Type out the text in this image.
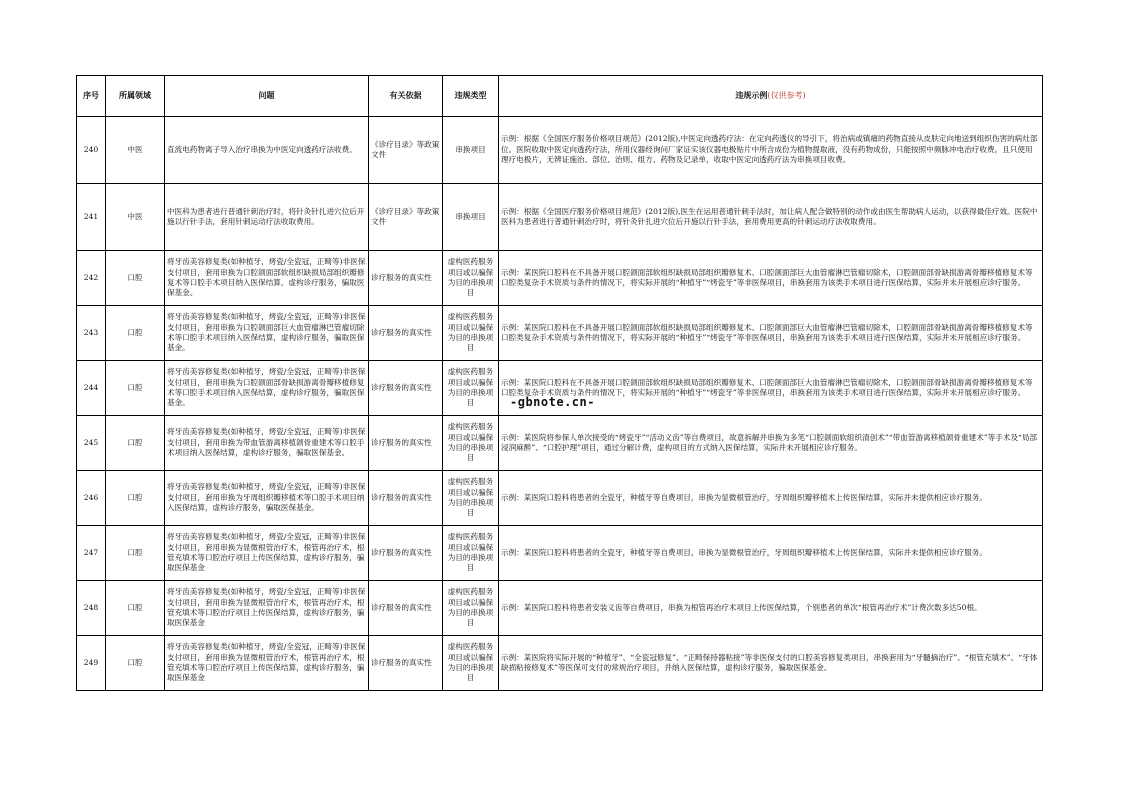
序号	所属领域	问题	有关依据	违规类型	违规示例(仅供参考)
240	中医	直流电药物离子导入治疗串换为中医定向透药疗法收费。	《诊疗目录》等政策文件	串换项目	示例：根据《全国医疗服务价格项目规范》(2012版),中医定向透药疗法：在定向药透仪的导引下，将治病或镇痛的药物直接从皮肤定向地送到组织伤害的病灶部位。医院收取中医定向透药疗法，所用仪器经询问厂家证实该仪器电极贴片中所含成份为植物提取液，没有药物成份，只能按照中频脉冲电治疗收费。且只使用理疗电极片，无辨证施治、部位、治则、组方、药物及记录单，收取中医定向透药疗法为串换项目收费。
241	中医	中医科为患者进行普通针刺治疗时，将针灸针扎进穴位后开施以行针手法，套用针刺运动疗法收取费用。	《诊疗目录》等政策文件	串换项目	示例：根据《全国医疗服务价格项目规范》(2012版),医生在运用普通针刺手法时，加让病人配合做特别的动作或由医生帮助病人运动，以获得最佳疗效。医院中医科为患者进行普通针刺治疗时，将针灸针扎进穴位后开施以行针手法，套用费用更高的针刺运动疗法收取费用。
242	口腔	将牙齿美容修复类(如种植牙，烤瓷/全瓷冠，正畸等)非医保支付项目，套用串换为口腔颌面部软组织缺损局部组织瓣修复术等口腔手术项目纳入医保结算，虚构诊疗服务，骗取医保基金。	诊疗服务的真实性	虚构医药服务项目或以骗保为目的串换项目	示例：某医院口腔科在不具备开展口腔颌面部软组织缺损局部组织瓣修复术、口腔颌面部巨大血管瘤淋巴管瘤切除术，口腔颌面部骨缺损游离骨瓣移植修复术等口腔类复杂手术资质与条件的情况下，将实际开展的“种植牙”“烤瓷牙”等非医保项目，串换套用为该类手术项目进行医保结算，实际并未开展相应诊疗服务。
243	口腔	将牙齿美容修复类(如种植牙，烤瓷/全瓷冠，正畸等)非医保支付项目，套用串换为口腔颌面部巨大血管瘤淋巴管瘤切除术等口腔手术项目纳入医保结算，虚构诊疗服务，骗取医保基金。	诊疗服务的真实性	虚构医药服务项目或以骗保为目的串换项目	示例：某医院口腔科在不具备开展口腔颌面部软组织缺损局部组织瓣修复术、口腔颌面部巨大血管瘤淋巴管瘤切除术，口腔颌面部骨缺损游离骨瓣移植修复术等口腔类复杂手术资质与条件的情况下，将实际开展的“种植牙”“烤瓷牙”等非医保项目，串换套用为该类手术项目进行医保结算，实际并未开展相应诊疗服务。
244	口腔	将牙齿美容修复类(如种植牙，烤瓷/全瓷冠，正畸等)非医保支付项目，套用串换为口腔颌面部骨缺损游离骨瓣移植修复术等口腔手术项目纳入医保结算，虚构诊疗服务，骗取医保基金。	诊疗服务的真实性	虚构医药服务项目或以骗保为目的串换项目	示例：某医院口腔科在不具备开展口腔颌面部软组织缺损局部组织瓣修复术、口腔颌面部巨大血管瘤淋巴管瘤切除术，口腔颌面部骨缺损游离骨瓣移植修复术等口腔类复杂手术资质与条件的情况下，将实际开展的“种植牙”“烤瓷牙”等非医保项目，串换套用为该类手术项目进行医保结算，实际并未开展相应诊疗服务。
245	口腔	将牙齿美容修复类(如种植牙，烤瓷/全瓷冠，正畸等)非医保支付项目，套用串换为带血管游离移植颌骨重建术等口腔手术项目纳入医保结算，虚构诊疗服务，骗取医保基金。	诊疗服务的真实性	虚构医药服务项目或以骗保为目的串换项目	示例：某医院将参保人单次接受的“烤瓷牙”“活动义齿”等自费项目，故意拆解并串换为多笔“口腔颌面软组织清创术”“带血管游离移植颌骨重建术”等手术及“局部浸润麻醉”、“口腔护理”项目，通过分解计费，虚构项目的方式纳入医保结算，实际并未开展相应诊疗服务。
246	口腔	将牙齿美容修复类(如种植牙，烤瓷/全瓷冠，正畸等)非医保支付项目，套用串换为牙周组织瓣移植术等口腔手术项目纳入医保结算，虚构诊疗服务，骗取医保基金。	诊疗服务的真实性	虚构医药服务项目或以骗保为目的串换项目	示例：某医院口腔科将患者的全瓷牙，种植牙等自费项目，串换为显微根管治疗，牙周组织瓣移植术上传医保结算，实际并未提供相应诊疗服务。
247	口腔	将牙齿美容修复类(如种植牙，烤瓷/全瓷冠，正畸等)非医保支付项目，套用串换为显微根管治疗术，根管再治疗术，根管充填术等口腔治疗项目上传医保结算，虚构诊疗服务，骗取医保基金	诊疗服务的真实性	虚构医药服务项目或以骗保为目的串换项目	示例：某医院口腔科将患者的全瓷牙，种植牙等自费项目，串换为显微根管治疗，牙周组织瓣移植术上传医保结算，实际并未提供相应诊疗服务。
248	口腔	将牙齿美容修复类(如种植牙，烤瓷/全瓷冠，正畸等)非医保支付项目，套用串换为显微根管治疗术，根管再治疗术，根管充填术等口腔治疗项目上传医保结算，虚构诊疗服务，骗取医保基金	诊疗服务的真实性	虚构医药服务项目或以骗保为目的串换项目	示例：某医院口腔科将患者安装义齿等自费项目，串换为根管再治疗术项目上传医保结算，个别患者的单次“根管再治疗术”计费次数多达50根。
249	口腔	将牙齿美容修复类(如种植牙，烤瓷/全瓷冠，正畸等)非医保支付项目，套用串换为显微根管治疗术，根管再治疗术，根管充填术等口腔治疗项目上传医保结算，虚构诊疗服务，骗取医保基金	诊疗服务的真实性	虚构医药服务项目或以骗保为目的串换项目	示例：某医院将实际开展的“种植牙”、“全瓷冠修复”、“正畸保持器粘接”等非医保支付的口腔美容修复类项目，串换套用为“牙髓摘治疗”、“根管充填术”、“牙体缺损粘接修复术”等医保可支付的常规治疗项目，并纳入医保结算，虚构诊疗服务，骗取医保基金。
-gbnote.cn-
